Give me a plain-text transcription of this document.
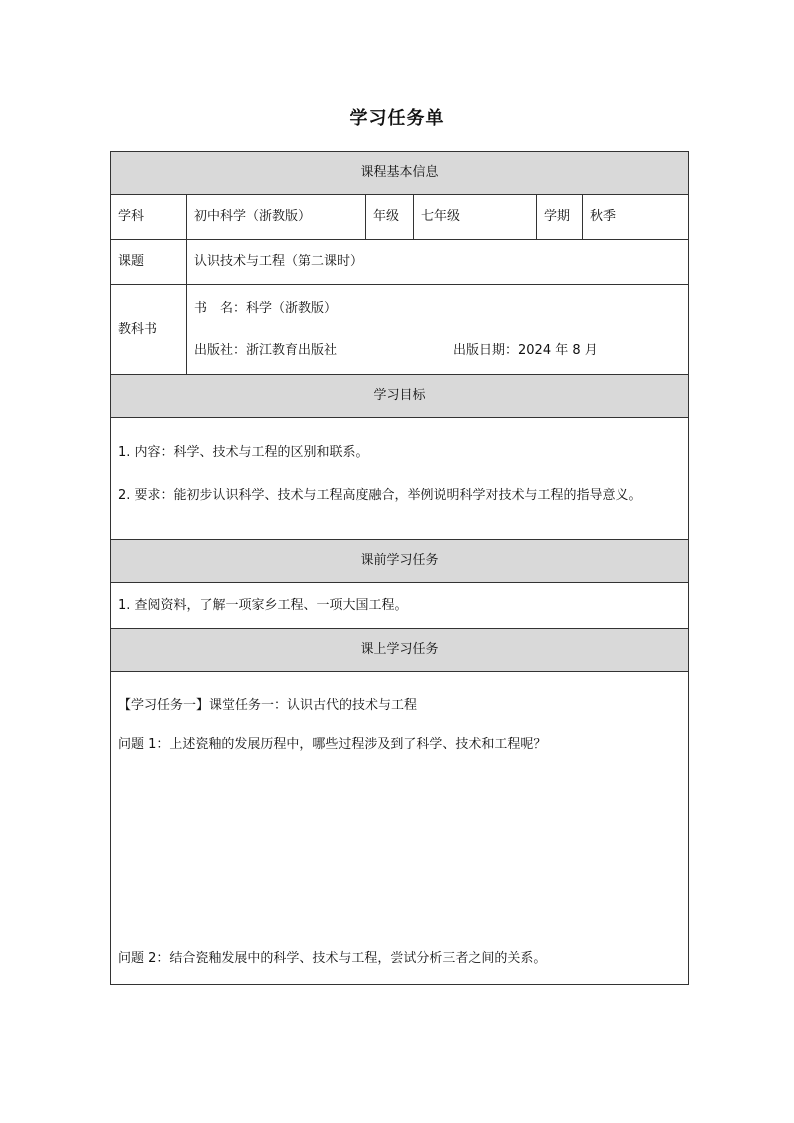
学习任务单
课程基本信息					
学科	初中科学（浙教版）	年级	七年级	学期	秋季
课题	认识技术与工程（第二课时）				
教科书	书　名：科学（浙教版）
出版社：浙江教育出版社 出版日期：2024 年 8 月				

学习目标					

1. 内容：科学、技术与工程的区别和联系。
2. 要求：能初步认识科学、技术与工程高度融合，举例说明科学对技术与工程的指导意义。					

课前学习任务					

1. 查阅资料，了解一项家乡工程、一项大国工程。					

课上学习任务					

【学习任务一】课堂任务一：认识古代的技术与工程
问题 1：上述瓷釉的发展历程中，哪些过程涉及到了科学、技术和工程呢？
问题 2：结合瓷釉发展中的科学、技术与工程，尝试分析三者之间的关系。					
